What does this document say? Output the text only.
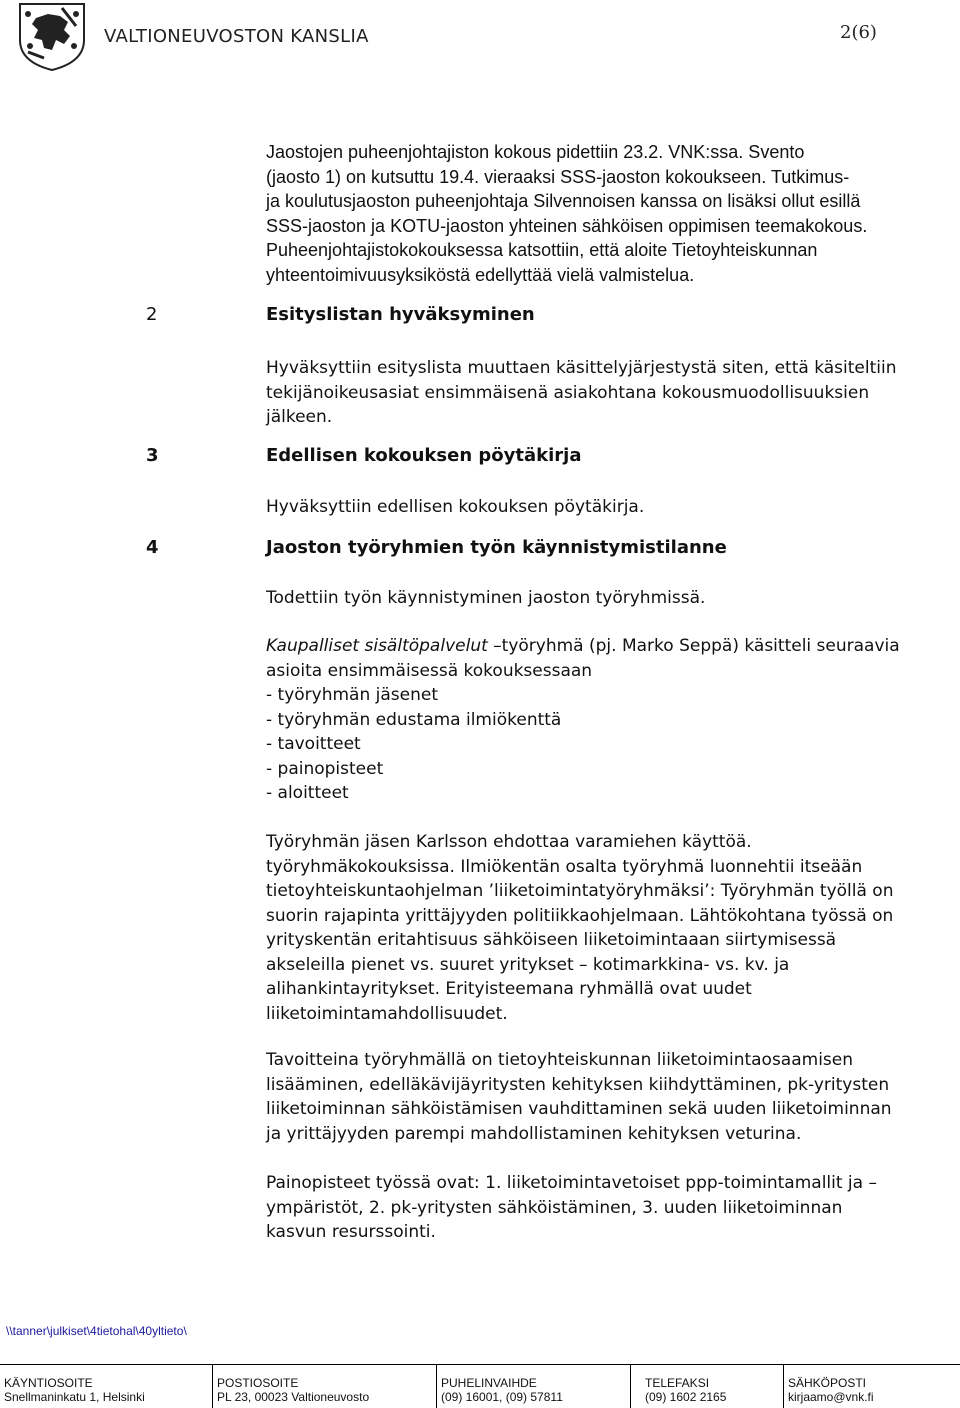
VALTIONEUVOSTON KANSLIA	2(6)
Jaostojen puheenjohtajiston kokous pidettiin 23.2. VNK:ssa. Svento
(jaosto 1) on kutsuttu 19.4. vieraaksi SSS-jaoston kokoukseen. Tutkimus-
ja koulutusjaoston puheenjohtaja Silvennoisen kanssa on lisäksi ollut esillä
SSS-jaoston ja KOTU-jaoston yhteinen sähköisen oppimisen teemakokous.
Puheenjohtajistokokouksessa katsottiin, että aloite Tietoyhteiskunnan
yhteentoimivuusyksiköstä edellyttää vielä valmistelua.
2	Esityslistan hyväksyminen
Hyväksyttiin esityslista muuttaen käsittelyjärjestystä siten, että käsiteltiin
tekijänoikeusasiat ensimmäisenä asiakohtana kokousmuodollisuuksien
jälkeen.
3	Edellisen kokouksen pöytäkirja
Hyväksyttiin edellisen kokouksen pöytäkirja.
4	Jaoston työryhmien työn käynnistymistilanne
Todettiin työn käynnistyminen jaoston työryhmissä.
Kaupalliset sisältöpalvelut –työryhmä (pj. Marko Seppä) käsitteli seuraavia
asioita ensimmäisessä kokouksessaan
- työryhmän jäsenet
- työryhmän edustama ilmiökenttä
- tavoitteet
- painopisteet
- aloitteet
Työryhmän jäsen Karlsson ehdottaa varamiehen käyttöä.
työryhmäkokouksissa. Ilmiökentän osalta työryhmä luonnehtii itseään
tietoyhteiskuntaohjelman ’liiketoimintatyöryhmäksi’: Työryhmän työllä on
suorin rajapinta yrittäjyyden politiikkaohjelmaan. Lähtökohtana työssä on
yrityskentän eritahtisuus sähköiseen liiketoimintaaan siirtymisessä
akseleilla pienet vs. suuret yritykset – kotimarkkina- vs. kv. ja
alihankintayritykset. Erityisteemana ryhmällä ovat uudet
liiketoimintamahdollisuudet.
Tavoitteina työryhmällä on tietoyhteiskunnan liiketoimintaosaamisen
lisääminen, edelläkävijäyritysten kehityksen kiihdyttäminen, pk-yritysten
liiketoiminnan sähköistämisen vauhdittaminen sekä uuden liiketoiminnan
ja yrittäjyyden parempi mahdollistaminen kehityksen veturina.
Painopisteet työssä ovat: 1. liiketoimintavetoiset ppp-toimintamallit ja –
ympäristöt, 2. pk-yritysten sähköistäminen, 3. uuden liiketoiminnan
kasvun resurssointi.
\\tanner\julkiset\4tietohal\40yltieto\
KÄYNTIOSOITE
Snellmaninkatu 1, Helsinki
POSTIOSOITE
PL 23, 00023 Valtioneuvosto
PUHELINVAIHDE
(09) 16001, (09) 57811
TELEFAKSI
(09) 1602 2165
SÄHKÖPOSTI
kirjaamo@vnk.fi
